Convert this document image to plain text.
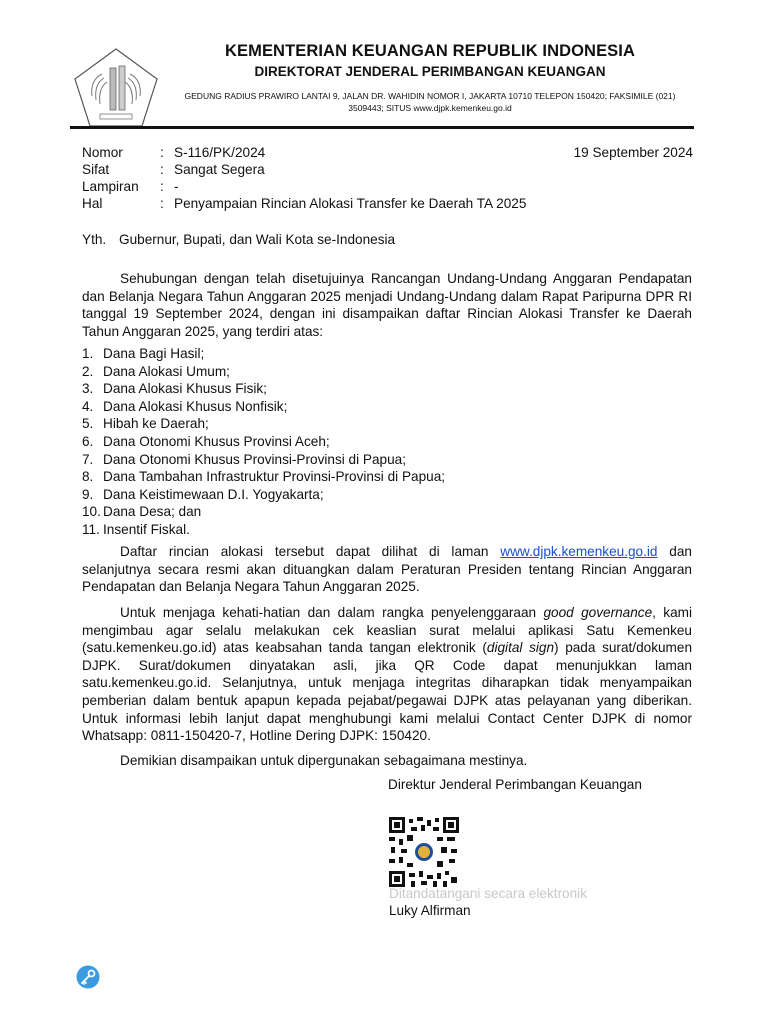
KEMENTERIAN KEUANGAN REPUBLIK INDONESIA
DIREKTORAT JENDERAL PERIMBANGAN KEUANGAN
GEDUNG RADIUS PRAWIRO LANTAI 9, JALAN DR. WAHIDIN NOMOR I, JAKARTA 10710 TELEPON 150420; FAKSIMILE (021)
3509443; SITUS www.djpk.kemenkeu.go.id
Nomor	: S-116/PK/2024
Sifat	: Sangat Segera
Lampiran	: -
Hal	: Penyampaian Rincian Alokasi Transfer ke Daerah TA 2025
19 September 2024
Yth. Gubernur, Bupati, dan Wali Kota se-Indonesia
Sehubungan dengan telah disetujuinya Rancangan Undang-Undang Anggaran Pendapatan dan Belanja Negara Tahun Anggaran 2025 menjadi Undang-Undang dalam Rapat Paripurna DPR RI tanggal 19 September 2024, dengan ini disampaikan daftar Rincian Alokasi Transfer ke Daerah Tahun Anggaran 2025, yang terdiri atas:
1. Dana Bagi Hasil;
2. Dana Alokasi Umum;
3. Dana Alokasi Khusus Fisik;
4. Dana Alokasi Khusus Nonfisik;
5. Hibah ke Daerah;
6. Dana Otonomi Khusus Provinsi Aceh;
7. Dana Otonomi Khusus Provinsi-Provinsi di Papua;
8. Dana Tambahan Infrastruktur Provinsi-Provinsi di Papua;
9. Dana Keistimewaan D.I. Yogyakarta;
10. Dana Desa; dan
11. Insentif Fiskal.
Daftar rincian alokasi tersebut dapat dilihat di laman www.djpk.kemenkeu.go.id dan selanjutnya secara resmi akan dituangkan dalam Peraturan Presiden tentang Rincian Anggaran Pendapatan dan Belanja Negara Tahun Anggaran 2025.
Untuk menjaga kehati-hatian dan dalam rangka penyelenggaraan good governance, kami mengimbau agar selalu melakukan cek keaslian surat melalui aplikasi Satu Kemenkeu (satu.kemenkeu.go.id) atas keabsahan tanda tangan elektronik (digital sign) pada surat/dokumen DJPK. Surat/dokumen dinyatakan asli, jika QR Code dapat menunjukkan laman satu.kemenkeu.go.id. Selanjutnya, untuk menjaga integritas diharapkan tidak menyampaikan pemberian dalam bentuk apapun kepada pejabat/pegawai DJPK atas pelayanan yang diberikan. Untuk informasi lebih lanjut dapat menghubungi kami melalui Contact Center DJPK di nomor Whatsapp: 0811-150420-7, Hotline Dering DJPK: 150420.
Demikian disampaikan untuk dipergunakan sebagaimana mestinya.
Direktur Jenderal Perimbangan Keuangan
Ditandatangani secara elektronik
Luky Alfirman
